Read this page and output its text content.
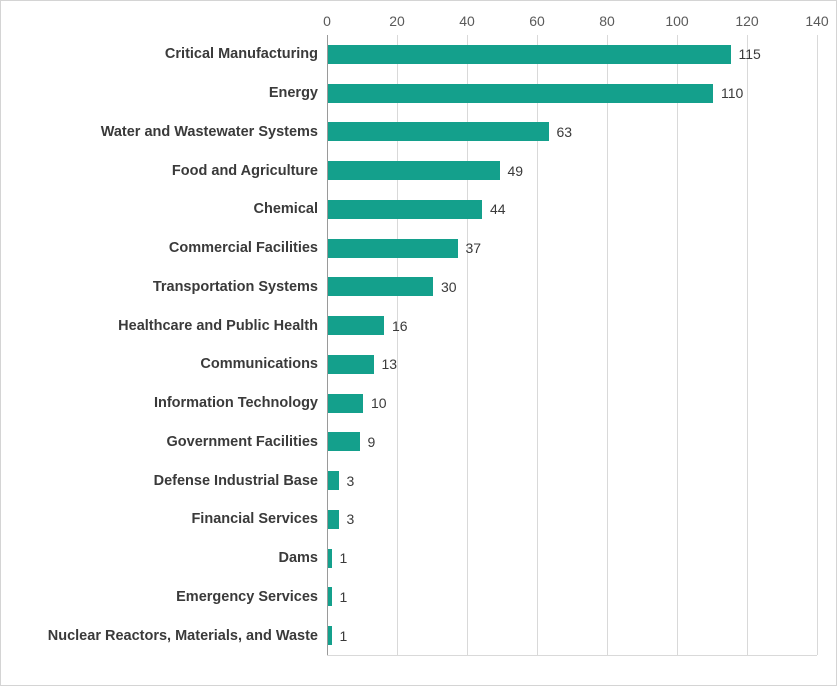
0	20	40	60	80	100	120	140
Critical Manufacturing	115
Energy	110
Water and Wastewater Systems	63
Food and Agriculture	49
Chemical	44
Commercial Facilities	37
Transportation Systems	30
Healthcare and Public Health	16
Communications	13
Information Technology	10
Government Facilities	9
Defense Industrial Base	3
Financial Services	3
Dams	1
Emergency Services	1
Nuclear Reactors, Materials, and Waste	1
